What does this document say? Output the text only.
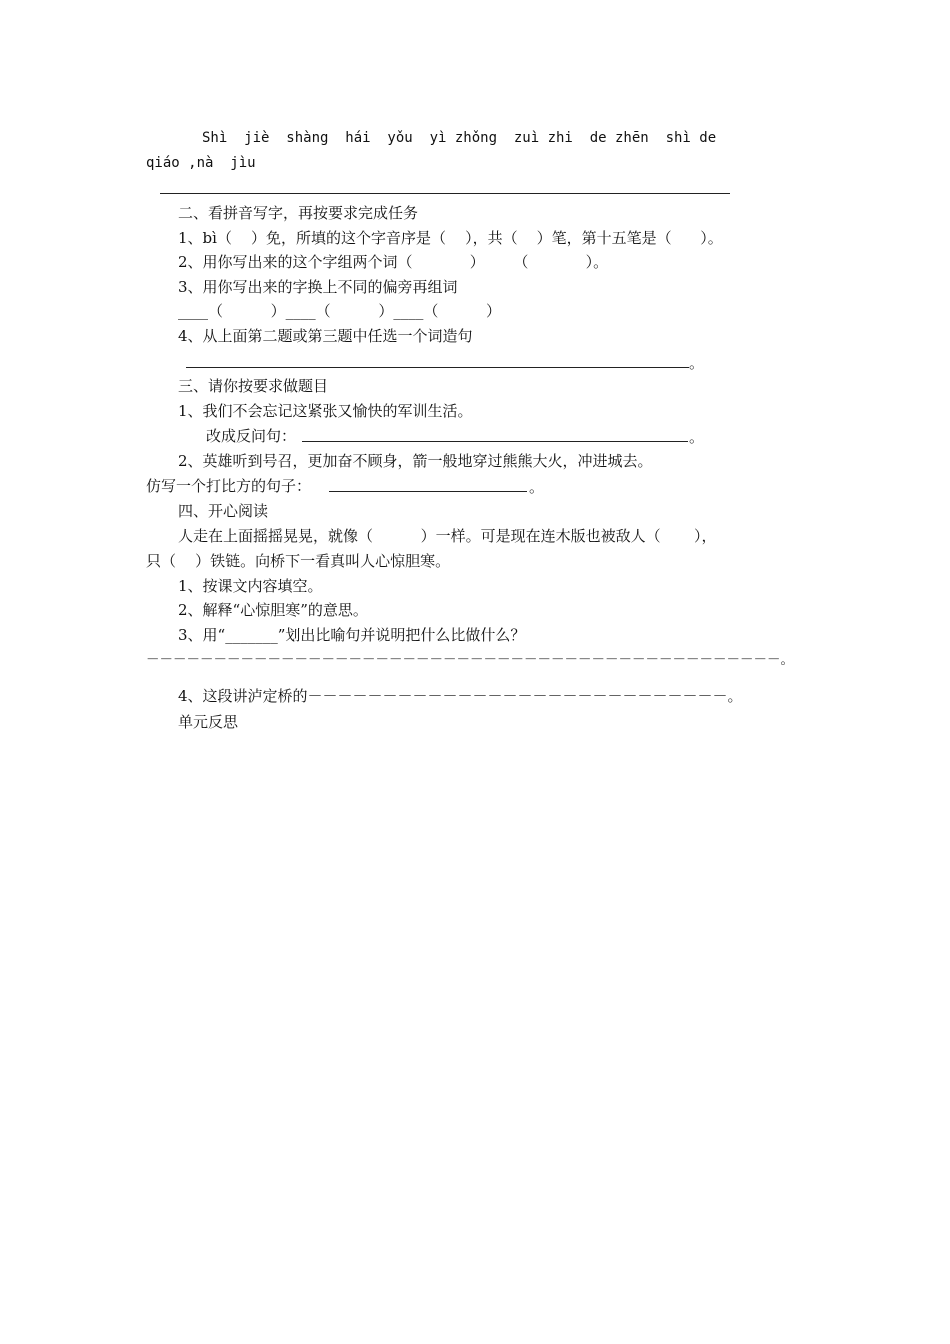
Shì  jiè  shàng  hái  yǒu  yì zhǒng  zuì zhi  de zhēn  shì de
qiáo ,nà  jìu
二、看拼音写字，再按要求完成任务
1、bì（    ）免，所填的这个字音序是（    ），共（    ）笔，第十五笔是（      ）。
2、用你写出来的这个字组两个词（            ）      （            ）。
3、用你写出来的字换上不同的偏旁再组词
____（          ）____（          ）____（          ）
4、从上面第二题或第三题中任选一个词造句
。
三、请你按要求做题目
1、我们不会忘记这紧张又愉快的军训生活。
改成反问句：	。
2、英雄听到号召，更加奋不顾身，箭一般地穿过熊熊大火，冲进城去。
仿写一个打比方的句子：	。
四、开心阅读
人走在上面摇摇晃晃，就像（          ）一样。可是现在连木版也被敌人（       ），
只（    ）铁链。向桥下一看真叫人心惊胆寒。
1、按课文内容填空。
2、解释“心惊胆寒”的意思。
3、用“_______”划出比喻句并说明把什么比做什么？
－－－－－－－－－－－－－－－－－－－－－－－－－－－－－－－－－－－－－－－－－－－－－－－。
4、这段讲泸定桥的－－－－－－－－－－－－－－－－－－－－－－－－－－－－。
单元反思
